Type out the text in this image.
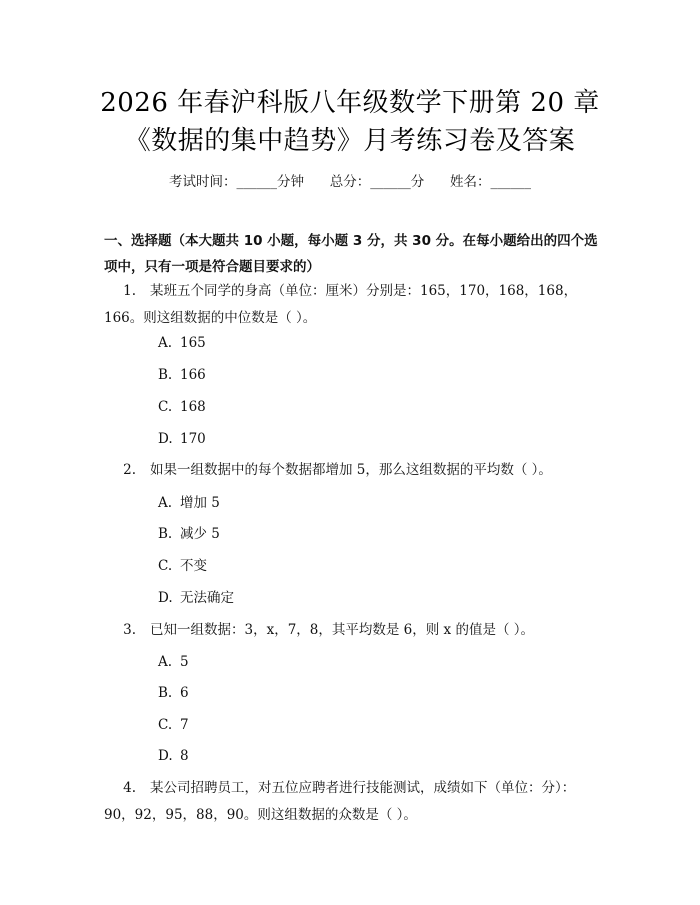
2026 年春沪科版八年级数学下册第 20 章
《数据的集中趋势》月考练习卷及答案
考试时间：______分钟      总分：______分      姓名：______
一、选择题（本大题共 10 小题，每小题 3 分，共 30 分。在每小题给出的四个选项中，只有一项是符合题目要求的）
1. 某班五个同学的身高（单位：厘米）分别是：165，170，168，168，166。则这组数据的中位数是（ ）。
A. 165
B. 166
C. 168
D. 170
2. 如果一组数据中的每个数据都增加 5，那么这组数据的平均数（ ）。
A. 增加 5
B. 减少 5
C. 不变
D. 无法确定
3. 已知一组数据：3，x，7，8，其平均数是 6，则 x 的值是（ ）。
A. 5
B. 6
C. 7
D. 8
4. 某公司招聘员工，对五位应聘者进行技能测试，成绩如下（单位：分）：90，92，95，88，90。则这组数据的众数是（ ）。
